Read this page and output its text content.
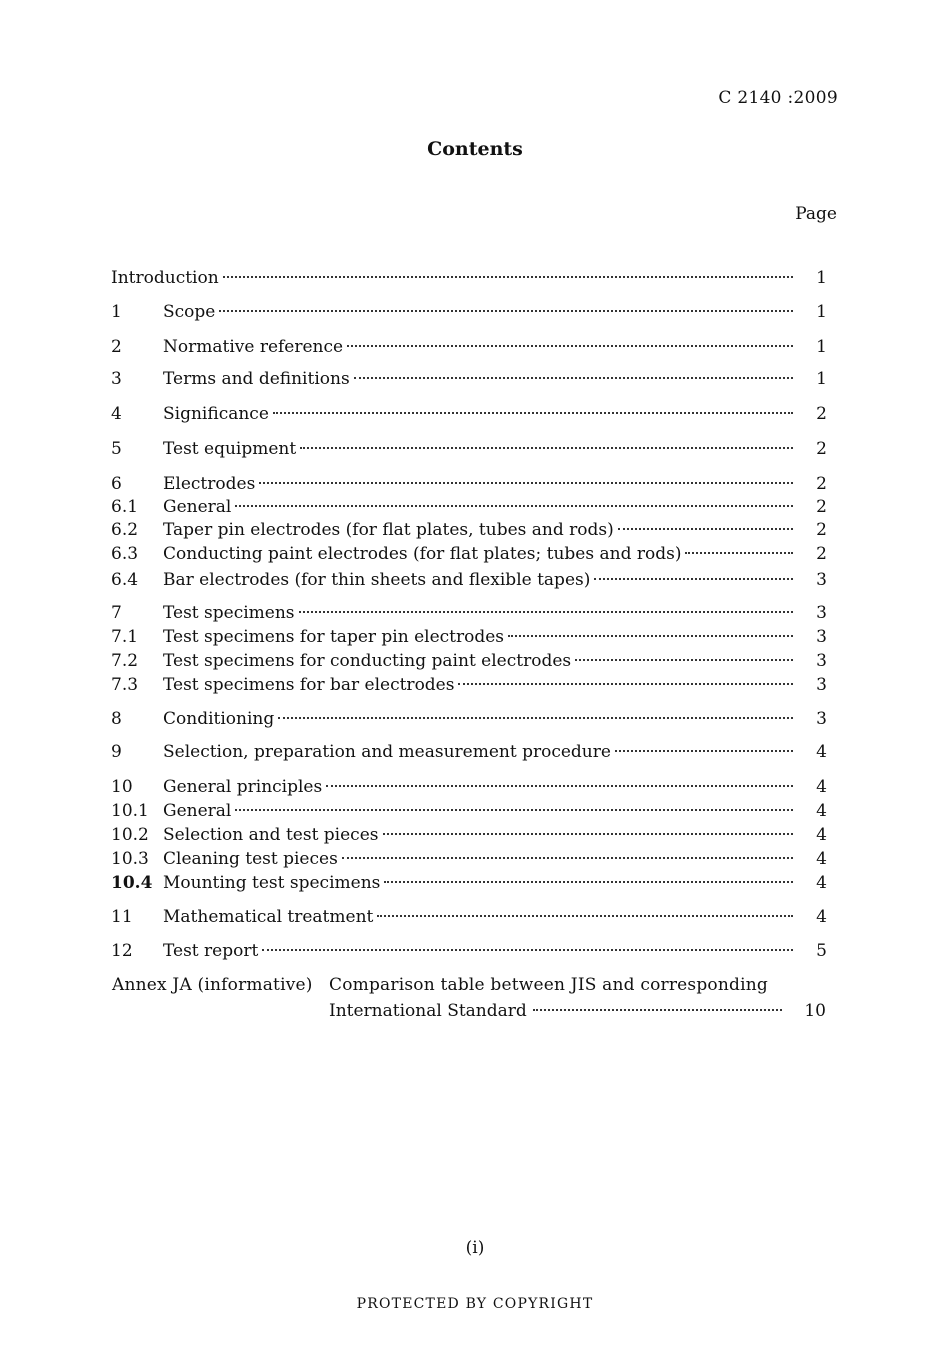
C 2140 :2009
Contents
Page
Introduction	1
1	Scope	1
2	Normative reference	1
3	Terms and definitions	1
4	Significance	2
5	Test equipment	2
6	Electrodes	2
6.1	General	2
6.2	Taper pin electrodes (for flat plates, tubes and rods)	2
6.3	Conducting paint electrodes (for flat plates; tubes and rods)	2
6.4	Bar electrodes (for thin sheets and flexible tapes)	3
7	Test specimens	3
7.1	Test specimens for taper pin electrodes	3
7.2	Test specimens for conducting paint electrodes	3
7.3	Test specimens for bar electrodes	3
8	Conditioning	3
9	Selection, preparation and measurement procedure	4
10	General principles	4
10.1 General	4
10.2 Selection and test pieces	4
10.3 Cleaning test pieces	4
10.4 Mounting test specimens	4
11	Mathematical treatment	4
12	Test report	5
Annex JA (informative) Comparison table between JIS and corresponding
International Standard	10
(i)
PROTECTED BY COPYRIGHT
